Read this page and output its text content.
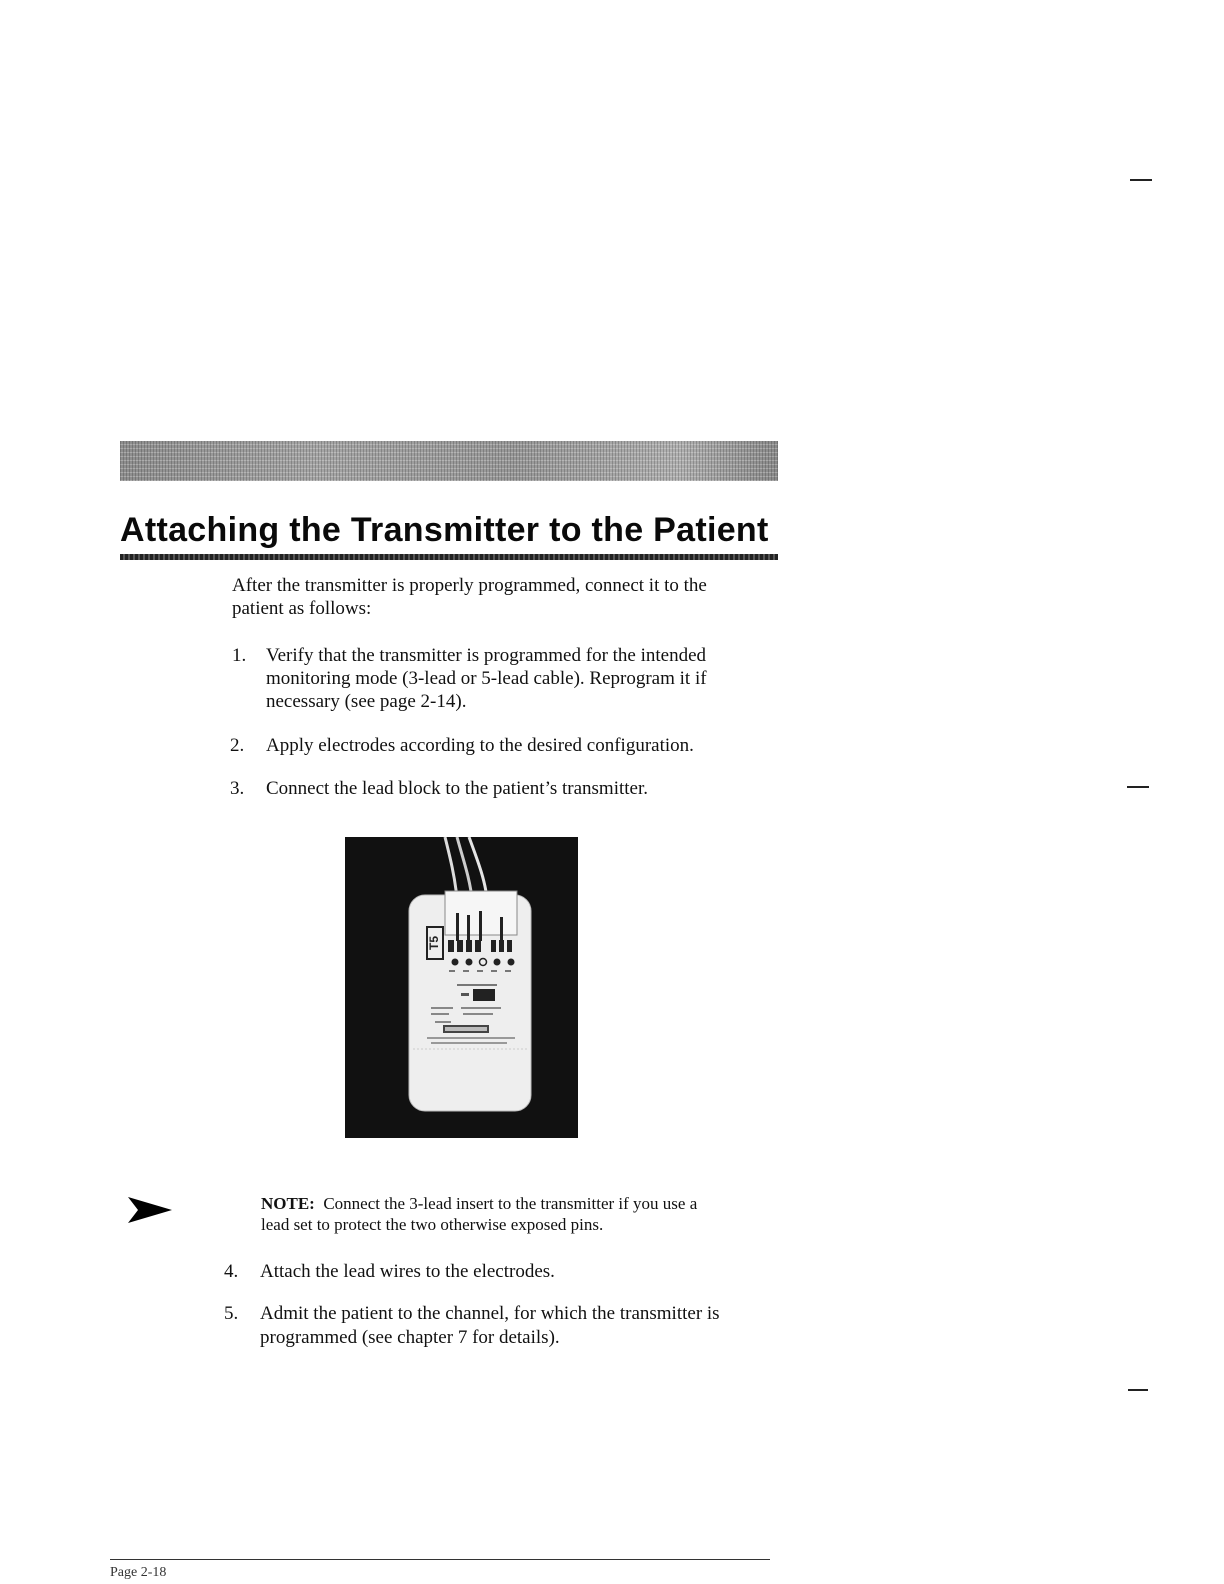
Attaching the Transmitter to the Patient
After the transmitter is properly programmed, connect it to the
patient as follows:
1. Verify that the transmitter is programmed for the intended
monitoring mode (3-lead or 5-lead cable). Reprogram it if
necessary (see page 2-14).
2. Apply electrodes according to the desired configuration.
3. Connect the lead block to the patient’s transmitter.
T5
NOTE: Connect the 3-lead insert to the transmitter if you use a
lead set to protect the two otherwise exposed pins.
4. Attach the lead wires to the electrodes.
5. Admit the patient to the channel, for which the transmitter is
programmed (see chapter 7 for details).
Page 2-18
